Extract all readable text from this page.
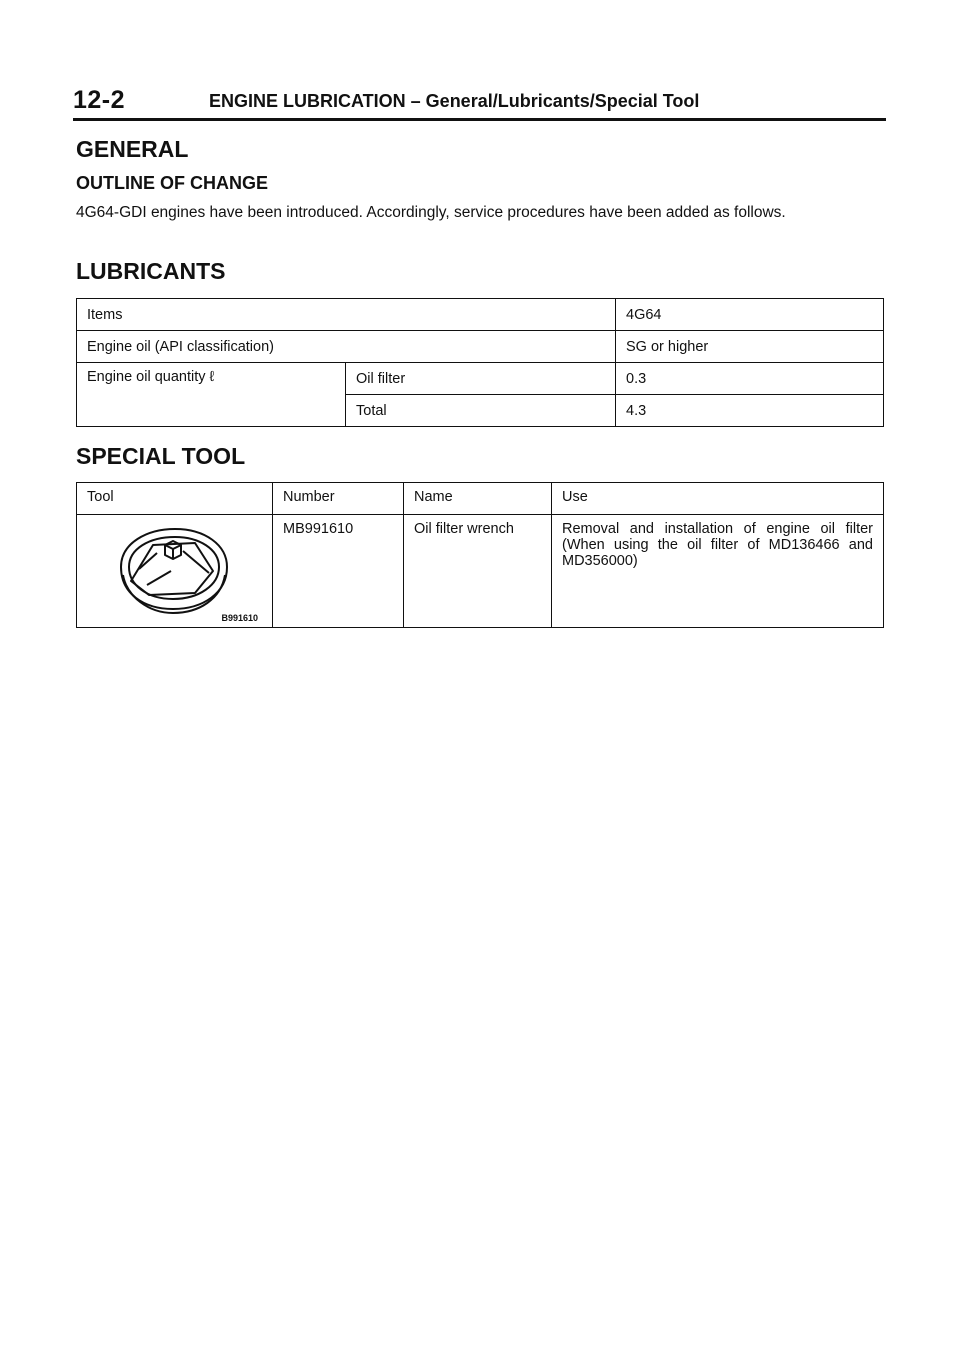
12-2	ENGINE LUBRICATION – General/Lubricants/Special Tool
GENERAL
OUTLINE OF CHANGE

4G64-GDI engines have been introduced. Accordingly, service procedures have been added as follows.

LUBRICANTS
Items		4G64
Engine oil (API classification)		SG or higher
Engine oil quantity ℓ	Oil filter	0.3
	Total	4.3
SPECIAL TOOL
Tool	Number	Name	Use

B991610	MB991610	Oil filter wrench	Removal and installation of engine oil filter (When using the oil filter of MD136466 and MD356000)
